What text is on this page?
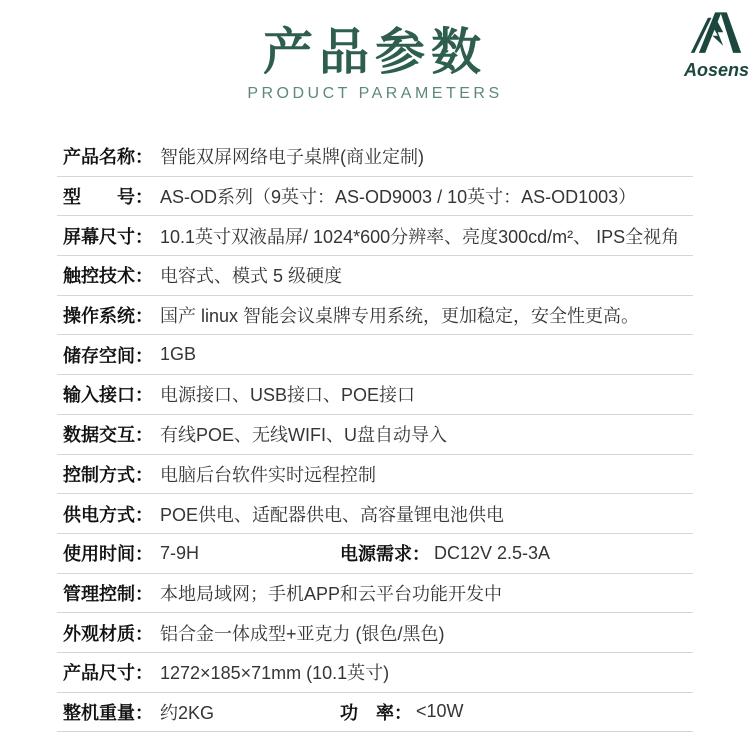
产品参数
PRODUCT PARAMETERS
Aosens
产品名称： 智能双屏网络电子桌牌(商业定制)
型　　号： AS-OD系列（9英寸：AS-OD9003 / 10英寸：AS-OD1003）
屏幕尺寸： 10.1英寸双液晶屏/ 1024*600分辨率、亮度300cd/m²、 IPS全视角
触控技术： 电容式、模式 5 级硬度
操作系统： 国产 linux 智能会议桌牌专用系统，更加稳定，安全性更高。
储存空间： 1GB
输入接口： 电源接口、USB接口、POE接口
数据交互： 有线POE、无线WIFI、U盘自动导入
控制方式： 电脑后台软件实时远程控制
供电方式： POE供电、适配器供电、高容量锂电池供电
使用时间： 7-9H	电源需求： DC12V 2.5-3A
管理控制： 本地局域网；手机APP和云平台功能开发中
外观材质： 铝合金一体成型+亚克力 (银色/黑色)
产品尺寸： 1272×185×71mm (10.1英寸)
整机重量： 约2KG	功　率： <10W
